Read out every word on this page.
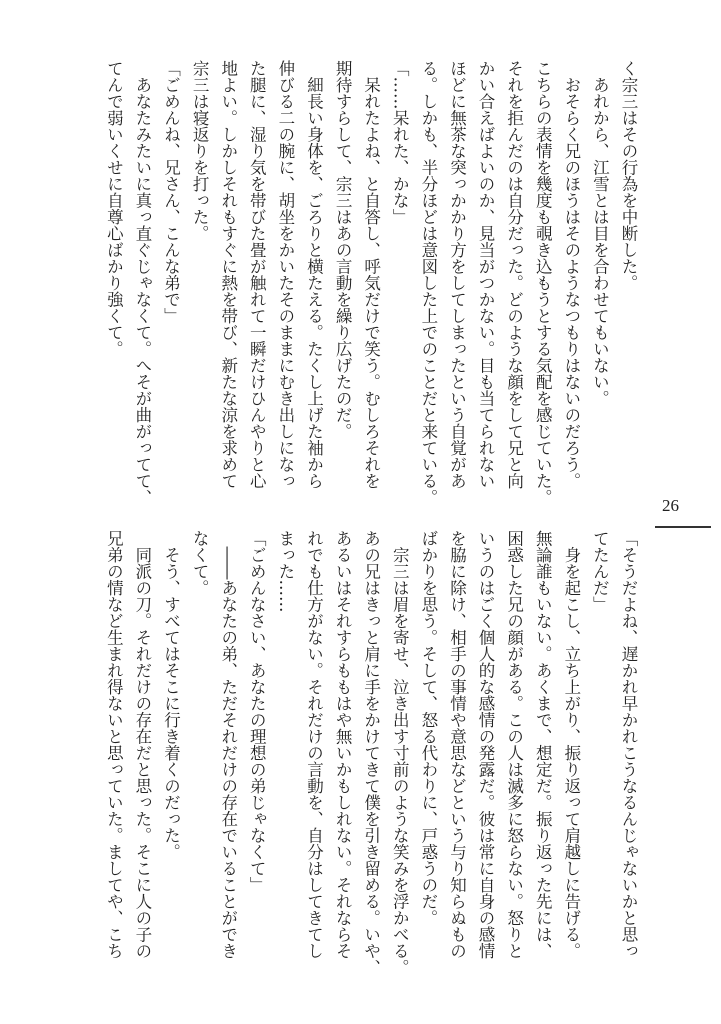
く宗三はその行為を中断した。
　あれから、江雪とは目を合わせてもいない。
　おそらく兄のほうはそのようなつもりはないのだろう。
こちらの表情を幾度も覗き込もうとする気配を感じていた。
それを拒んだのは自分だった。どのような顔をして兄と向
かい合えばよいのか、見当がつかない。目も当てられない
ほどに無茶な突っかかり方をしてしまったという自覚があ
る。しかも、半分ほどは意図した上でのことだと来ている。
「……呆れた、かな」
　呆れたよね、と自答し、呼気だけで笑う。むしろそれを
期待すらして、宗三はあの言動を繰り広げたのだ。
　細長い身体を、ごろりと横たえる。たくし上げた袖から
伸びる二の腕に、胡坐をかいたそのままにむき出しになっ
た腿に、湿り気を帯びた畳が触れて一瞬だけひんやりと心
地よい。しかしそれもすぐに熱を帯び、新たな涼を求めて
宗三は寝返りを打った。
「ごめんね、兄さん、こんな弟で」
　あなたみたいに真っ直ぐじゃなくて。へそが曲がってて、
てんで弱いくせに自尊心ばかり強くて。
「そうだよね、遅かれ早かれこうなるんじゃないかと思っ
てたんだ」
　身を起こし、立ち上がり、振り返って肩越しに告げる。
無論誰もいない。あくまで、想定だ。振り返った先には、
困惑した兄の顔がある。この人は滅多に怒らない。怒りと
いうのはごく個人的な感情の発露だ。彼は常に自身の感情
を脇に除け、相手の事情や意思などという与り知らぬもの
ばかりを思う。そして、怒る代わりに、戸惑うのだ。
　宗三は眉を寄せ、泣き出す寸前のような笑みを浮かべる。
あの兄はきっと肩に手をかけてきて僕を引き留める。いや、
あるいはそれすらももはや無いかもしれない。それならそ
れでも仕方がない。それだけの言動を、自分はしてきてし
まった……
「ごめんなさい、あなたの理想の弟じゃなくて」
　――あなたの弟、ただそれだけの存在でいることができ
なくて。
　そう、すべてはそこに行き着くのだった。
　同派の刀。それだけの存在だと思った。そこに人の子の
兄弟の情など生まれ得ないと思っていた。ましてや、こち
26
